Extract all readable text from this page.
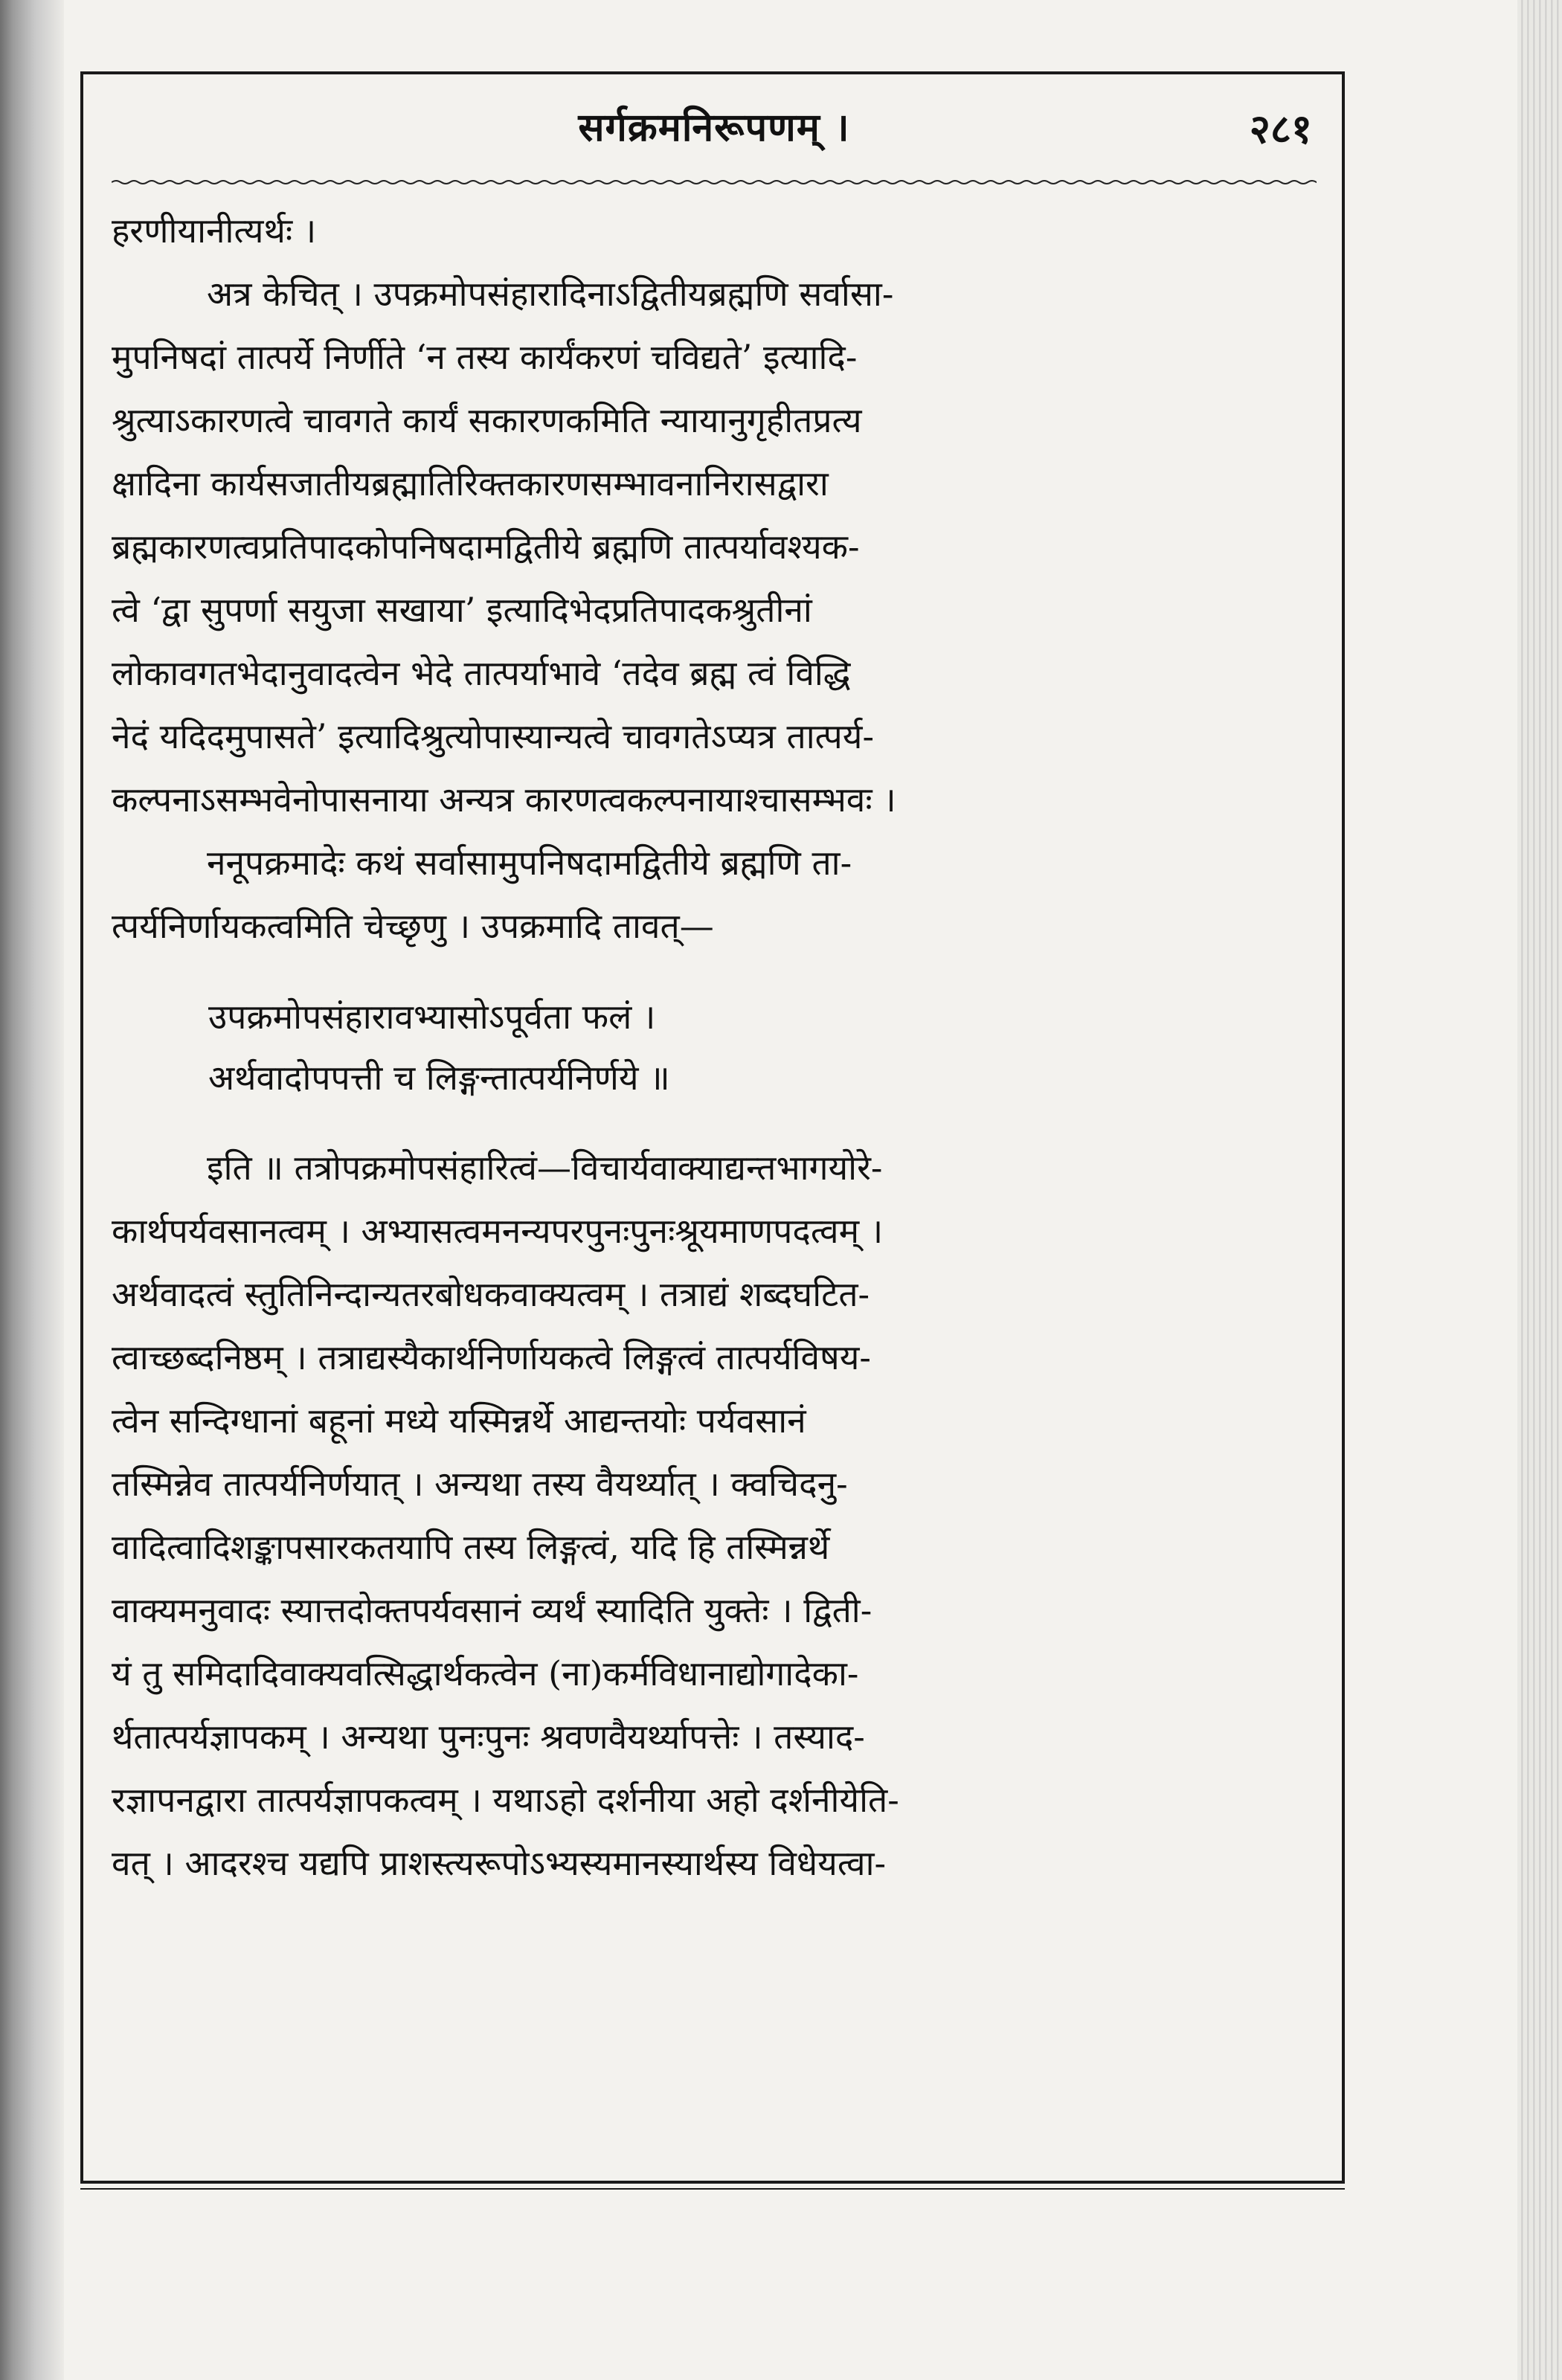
सर्गक्रमनिरूपणम् ।	२८१
हरणीयानीत्यर्थः ।
अत्र केचित् । उपक्रमोपसंहारादिनाऽद्वितीयब्रह्मणि सर्वासा-
मुपनिषदां तात्पर्ये निर्णीते ‘न तस्य कार्यंकरणं चविद्यते’ इत्यादि-
श्रुत्याऽकारणत्वे चावगते कार्यं सकारणकमिति न्यायानुगृहीतप्रत्य
क्षादिना कार्यसजातीयब्रह्मातिरिक्तकारणसम्भावनानिरासद्वारा
ब्रह्मकारणत्वप्रतिपादकोपनिषदामद्वितीये ब्रह्मणि तात्पर्यावश्यक-
त्वे ‘द्वा सुपर्णा सयुजा सखाया’ इत्यादिभेदप्रतिपादकश्रुतीनां
लोकावगतभेदानुवादत्वेन भेदे तात्पर्याभावे ‘तदेव ब्रह्म त्वं विद्धि
नेदं यदिदमुपासते’ इत्यादिश्रुत्योपास्यान्यत्वे चावगतेऽप्यत्र तात्पर्य-
कल्पनाऽसम्भवेनोपासनाया अन्यत्र कारणत्वकल्पनायाश्चासम्भवः ।
ननूपक्रमादेः कथं सर्वासामुपनिषदामद्वितीये ब्रह्मणि ता-
त्पर्यनिर्णायकत्वमिति चेच्छृणु । उपक्रमादि तावत्—
उपक्रमोपसंहारावभ्यासोऽपूर्वता फलं ।
अर्थवादोपपत्ती च लिङ्गन्तात्पर्यनिर्णये ॥
इति ॥ तत्रोपक्रमोपसंहारित्वं—विचार्यवाक्याद्यन्तभागयोरे-
कार्थपर्यवसानत्वम् । अभ्यासत्वमनन्यपरपुनःपुनःश्रूयमाणपदत्वम् ।
अर्थवादत्वं स्तुतिनिन्दान्यतरबोधकवाक्यत्वम् । तत्राद्यं शब्दघटित-
त्वाच्छब्दनिष्ठम् । तत्राद्यस्यैकार्थनिर्णायकत्वे लिङ्गत्वं तात्पर्यविषय-
त्वेन सन्दिग्धानां बहूनां मध्ये यस्मिन्नर्थे आद्यन्तयोः पर्यवसानं
तस्मिन्नेव तात्पर्यनिर्णयात् । अन्यथा तस्य वैयर्थ्यात् । क्वचिदनु-
वादित्वादिशङ्कापसारकतयापि तस्य लिङ्गत्वं, यदि हि तस्मिन्नर्थे
वाक्यमनुवादः स्यात्तदोक्तपर्यवसानं व्यर्थं स्यादिति युक्तेः । द्विती-
यं तु समिदादिवाक्यवत्सिद्धार्थकत्वेन (ना)कर्मविधानाद्योगादेका-
र्थतात्पर्यज्ञापकम् । अन्यथा पुनःपुनः श्रवणवैयर्थ्यापत्तेः । तस्याद-
रज्ञापनद्वारा तात्पर्यज्ञापकत्वम् । यथाऽहो दर्शनीया अहो दर्शनीयेति-
वत् । आदरश्च यद्यपि प्राशस्त्यरूपोऽभ्यस्यमानस्यार्थस्य विधेयत्वा-
